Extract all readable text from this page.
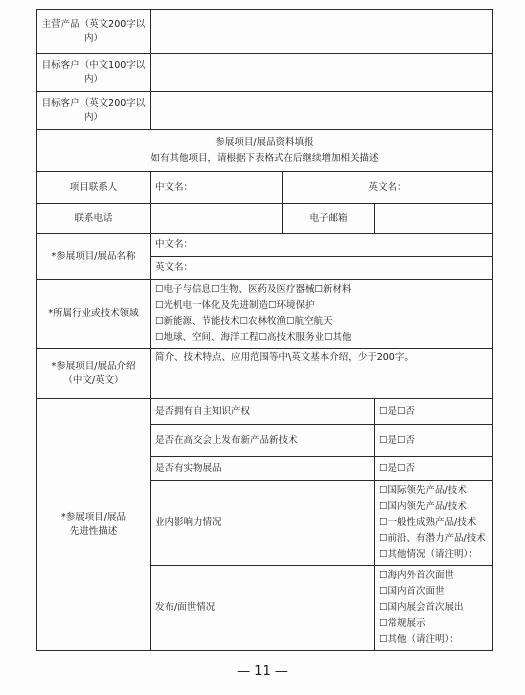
主营产品（英文200字以内）			
目标客户（中文100字以内）			
目标客户（英文200字以内）			

参展项目/展品资料填报
如有其他项目，请根据下表格式在后继续增加相关描述			

项目联系人	中文名：	英文名：	
联系电话		电子邮箱	
*参展项目/展品名称	中文名：		
	英文名：		
*所属行业或技术领域	☐电子与信息☐生物、医药及医疗器械☐新材料
☐光机电一体化及先进制造☐环境保护
☐新能源、节能技术☐农林牧渔☐航空航天
☐地球、空间、海洋工程☐高技术服务业☐其他		

*参展项目/展品介绍
（中文/英文）	简介、技术特点、应用范围等中\英文基本介绍，少于200字。		

*参展项目/展品
先进性描述	是否拥有自主知识产权		☐是☐否
	是否在高交会上发布新产品新技术		☐是☐否
	是否有实物展品		☐是☐否
	业内影响力情况		☐国际领先产品/技术
☐国内领先产品/技术
☐一般性成熟产品/技术
☐前沿、有潜力产品/技术
☐其他情况（请注明）：

	发布/面世情况		☐海内外首次面世
☐国内首次面世
☐国内展会首次展出
☐常规展示
☐其他（请注明）：
— 11 —
